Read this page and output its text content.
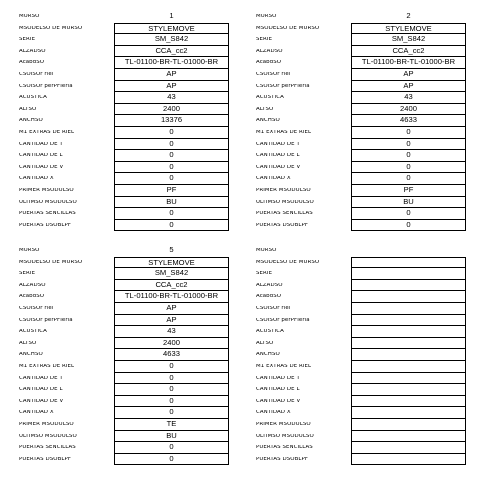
MURSO	1
MSODELSO DE MURSO	STYLEMOVE
SERIE	SM_S842
ALZADSO	CCA_cc2
AcabdSO	TL-01100-BR-TL-01000-BR
CSOISOr riel	AP
CSOISOr perPFIeria	AP
ACUSTICA	43
ALTSO	2400
ANCHSO	13376
M1 EXTRAS DE RIEL	0
CANTIDAD DE T	0
CANTIDAD DE L	0
CANTIDAD DE V	0
CANTIDAD X	0
PRIMER MSODULSO	PF
ULTIMSO MSODULSO	BU
PUERTAS SENCILLAS	0
PUERTAS DSOBLPF	0
MURSO	2
MSODELSO DE MURSO	STYLEMOVE
SERIE	SM_S842
ALZADSO	CCA_cc2
AcabdSO	TL-01100-BR-TL-01000-BR
CSOISOr riel	AP
CSOISOr perPFIeria	AP
ACUSTICA	43
ALTSO	2400
ANCHSO	4633
M1 EXTRAS DE RIEL	0
CANTIDAD DE T	0
CANTIDAD DE L	0
CANTIDAD DE V	0
CANTIDAD X	0
PRIMER MSODULSO	PF
ULTIMSO MSODULSO	BU
PUERTAS SENCILLAS	0
PUERTAS DSOBLPF	0
MURSO	5
MSODELSO DE MURSO	STYLEMOVE
SERIE	SM_S842
ALZADSO	CCA_cc2
AcabdSO	TL-01100-BR-TL-01000-BR
CSOISOr riel	AP
CSOISOr perPFIeria	AP
ACUSTICA	43
ALTSO	2400
ANCHSO	4633
M1 EXTRAS DE RIEL	0
CANTIDAD DE T	0
CANTIDAD DE L	0
CANTIDAD DE V	0
CANTIDAD X	0
PRIMER MSODULSO	TE
ULTIMSO MSODULSO	BU
PUERTAS SENCILLAS	0
PUERTAS DSOBLPF	0
MURSO
MSODELSO DE MURSO
SERIE
ALZADSO
AcabdSO
CSOISOr riel
CSOISOr perPFIeria
ACUSTICA
ALTSO
ANCHSO
M1 EXTRAS DE RIEL
CANTIDAD DE T
CANTIDAD DE L
CANTIDAD DE V
CANTIDAD X
PRIMER MSODULSO
ULTIMSO MSODULSO
PUERTAS SENCILLAS
PUERTAS DSOBLPF
